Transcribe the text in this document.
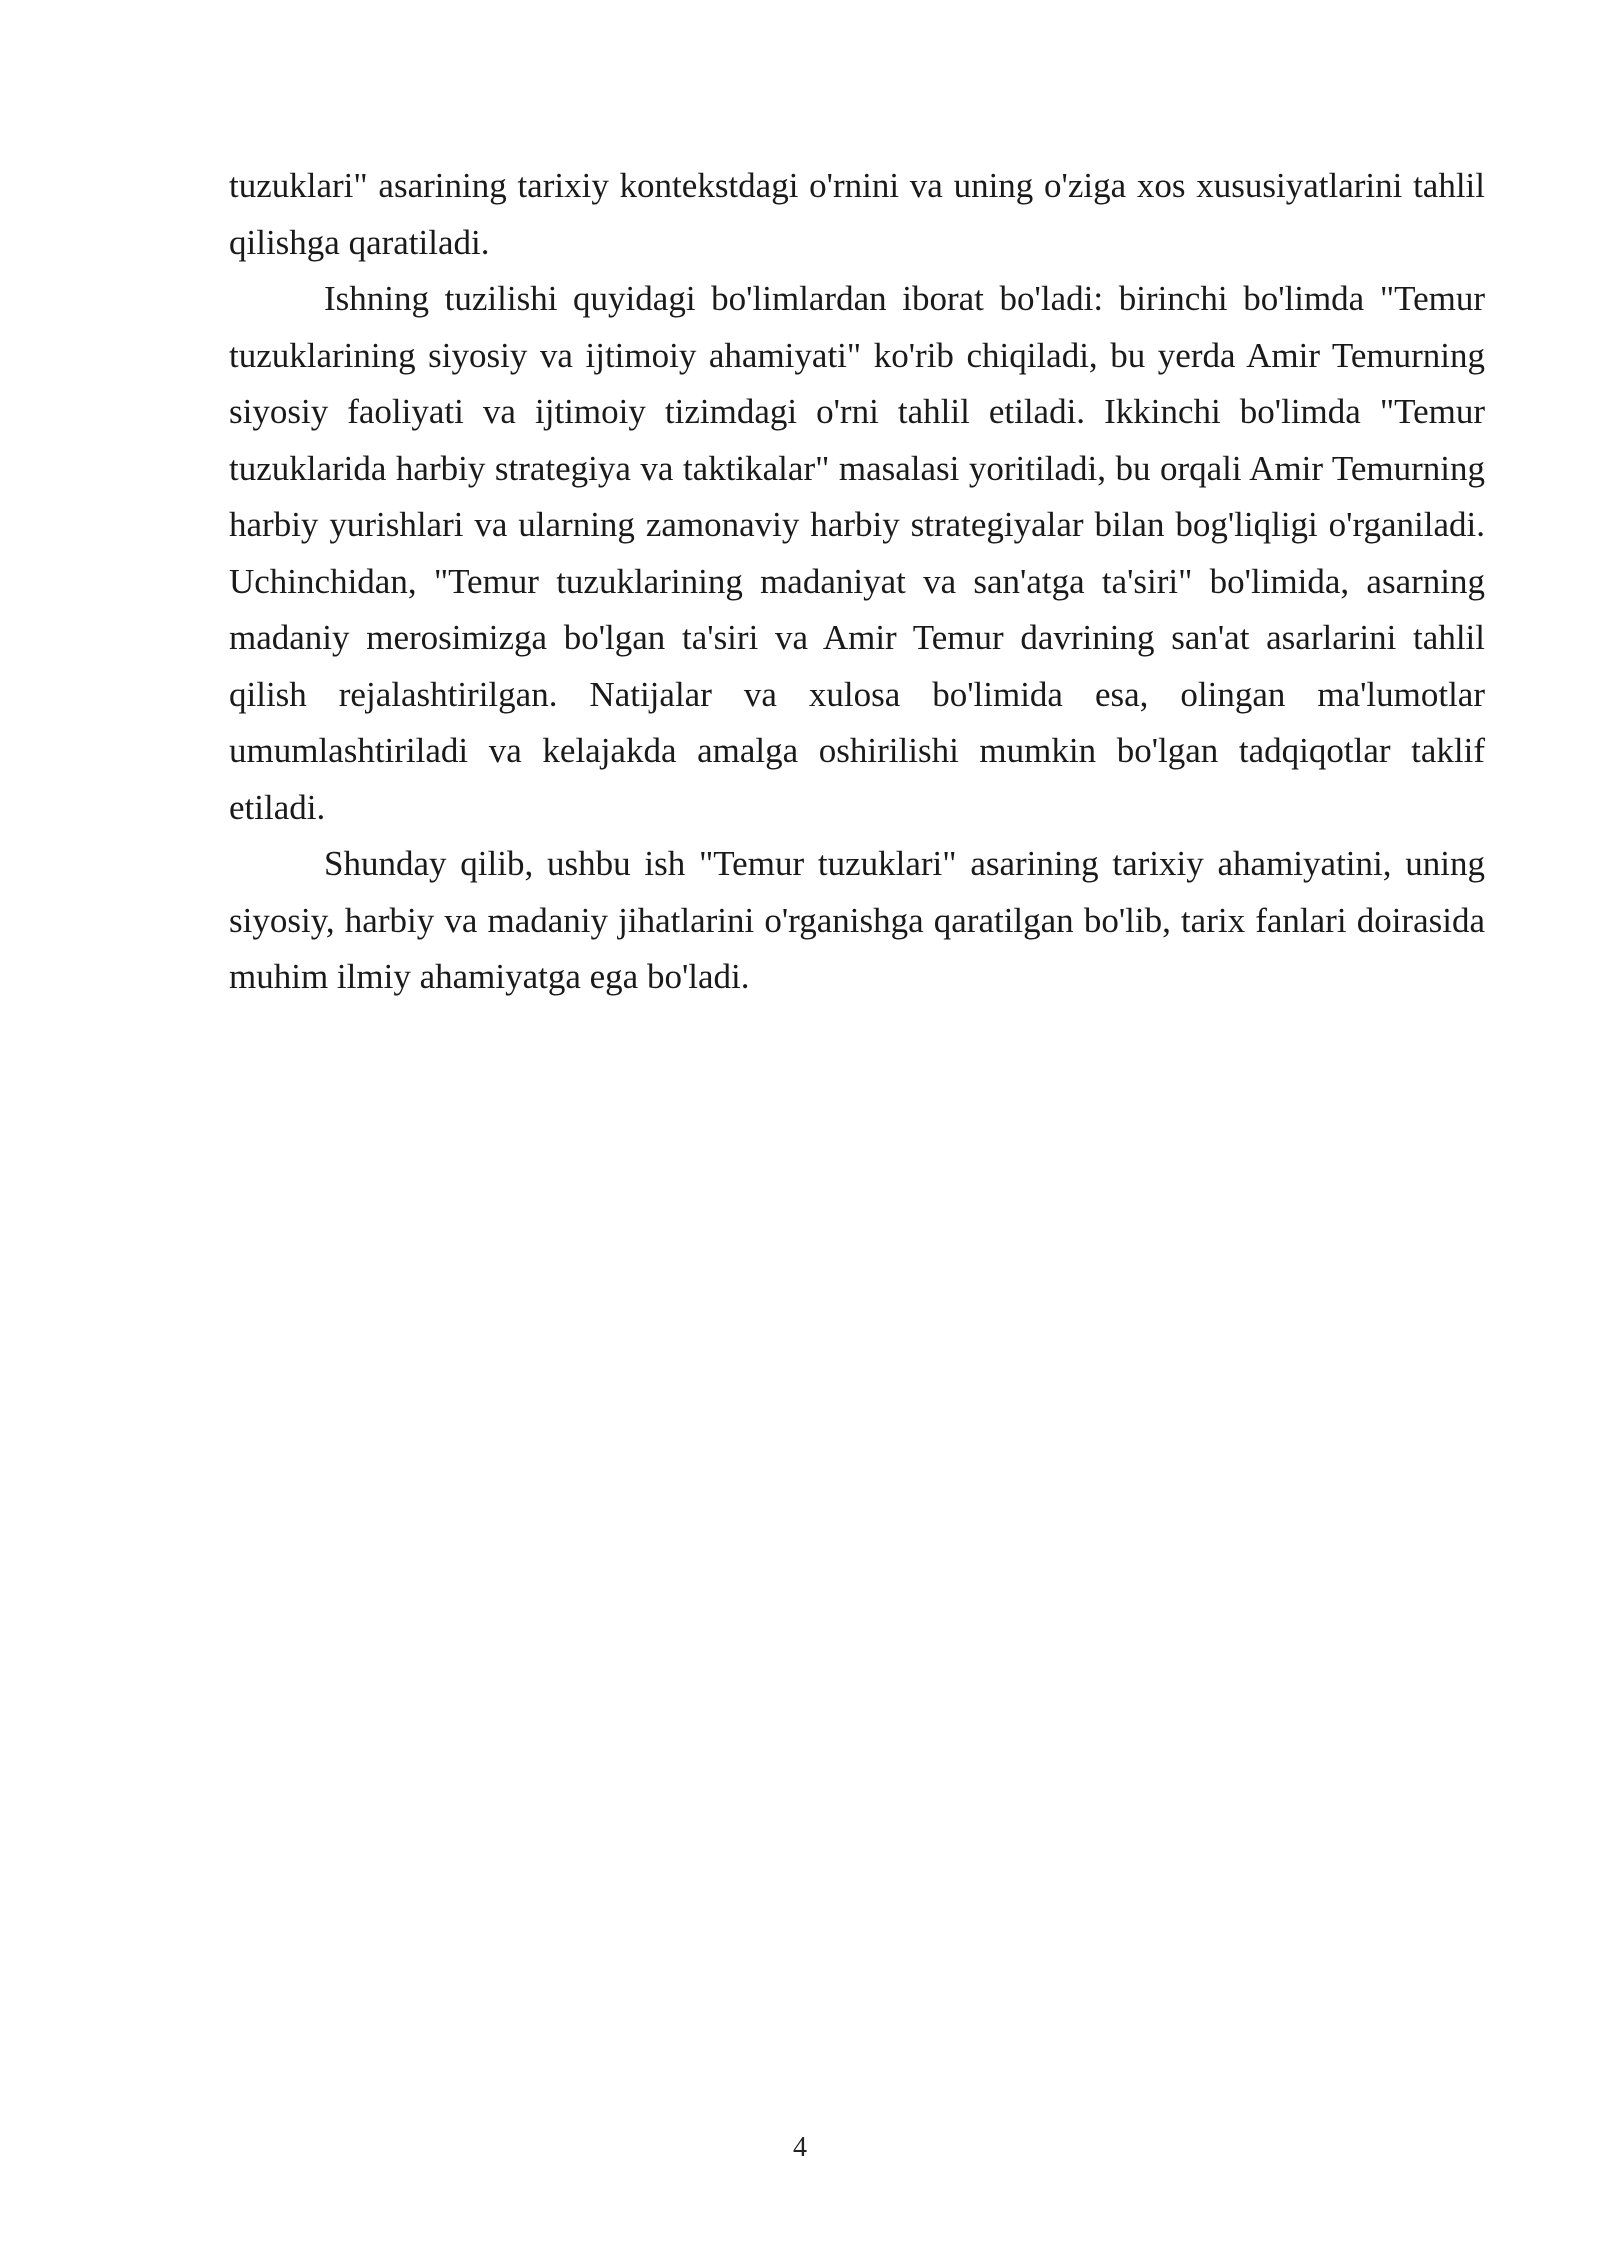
tuzuklari" asarining tarixiy kontekstdagi o'rnini va uning o'ziga xos xususiyatlarini tahlil qilishga qaratiladi.

Ishning tuzilishi quyidagi bo'limlardan iborat bo'ladi: birinchi bo'limda "Temur tuzuklarining siyosiy va ijtimoiy ahamiyati" ko'rib chiqiladi, bu yerda Amir Temurning siyosiy faoliyati va ijtimoiy tizimdagi o'rni tahlil etiladi. Ikkinchi bo'limda "Temur tuzuklarida harbiy strategiya va taktikalar" masalasi yoritiladi, bu orqali Amir Temurning harbiy yurishlari va ularning zamonaviy harbiy strategiyalar bilan bog'liqligi o'rganiladi. Uchinchidan, "Temur tuzuklarining madaniyat va san'atga ta'siri" bo'limida, asarning madaniy merosimizga bo'lgan ta'siri va Amir Temur davrining san'at asarlarini tahlil qilish rejalashtirilgan. Natijalar va xulosa bo'limida esa, olingan ma'lumotlar umumlashtiriladi va kelajakda amalga oshirilishi mumkin bo'lgan tadqiqotlar taklif etiladi.

Shunday qilib, ushbu ish "Temur tuzuklari" asarining tarixiy ahamiyatini, uning siyosiy, harbiy va madaniy jihatlarini o'rganishga qaratilgan bo'lib, tarix fanlari doirasida muhim ilmiy ahamiyatga ega bo'ladi.

4
